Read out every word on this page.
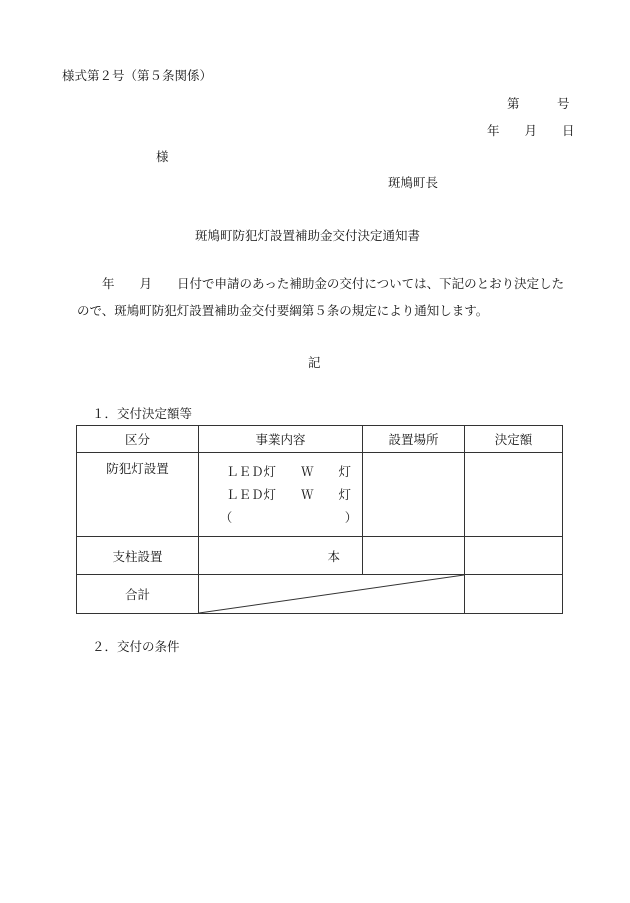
様式第２号（第５条関係）
第　　　号
年　　月　　日
様
斑鳩町長
斑鳩町防犯灯設置補助金交付決定通知書
年　　月　　日付で申請のあった補助金の交付については、下記のとおり決定したので、斑鳩町防犯灯設置補助金交付要綱第５条の規定により通知します。
記
１．交付決定額等
区分	事業内容	設置場所	決定額
防犯灯設置	ＬＥＤ灯　　Ｗ　　灯
ＬＥＤ灯　　Ｗ　　灯
（　　　　　　　　　）		

支柱設置	本		
合計	

２．交付の条件
